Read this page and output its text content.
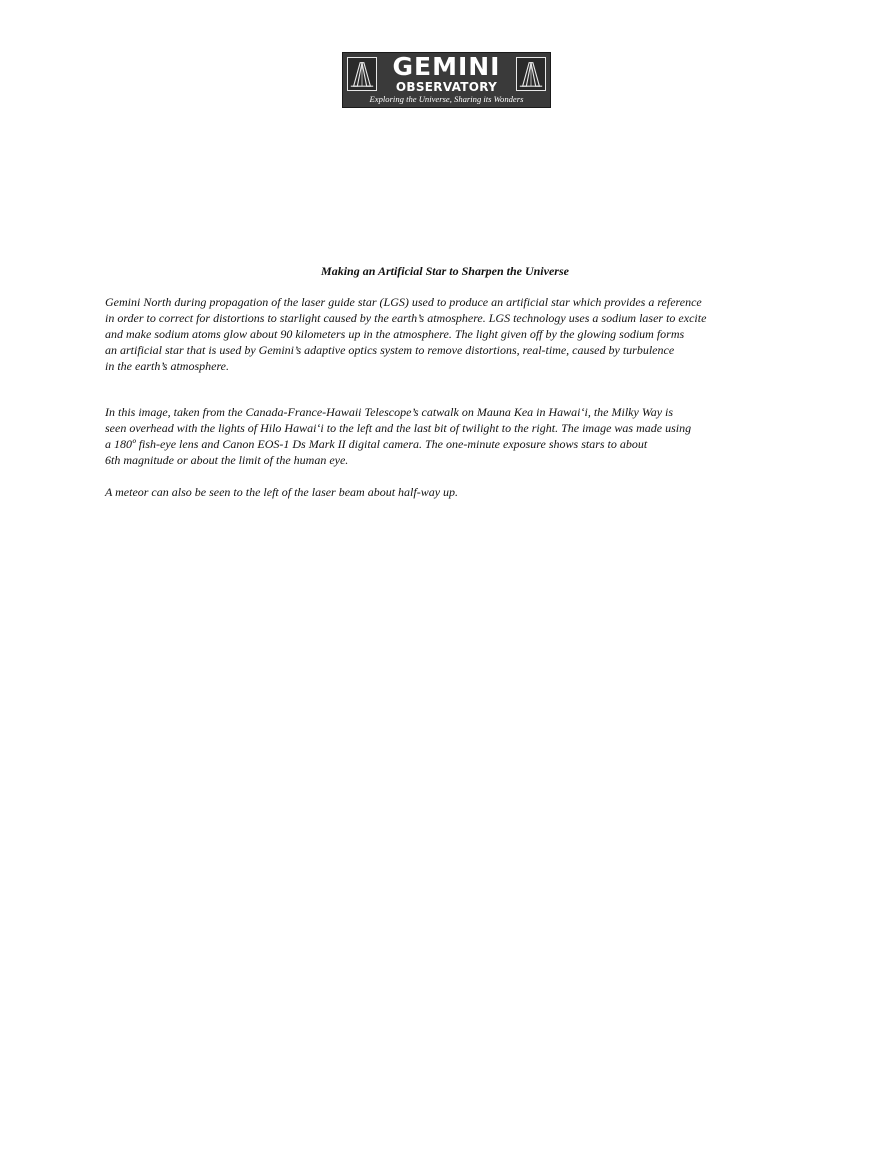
GEMINI
OBSERVATORY
Exploring the Universe, Sharing its Wonders
Making an Artificial Star to Sharpen the Universe

Gemini North during propagation of the laser guide star (LGS) used to produce an artificial star which provides a reference
in order to correct for distortions to starlight caused by the earth’s atmosphere. LGS technology uses a sodium laser to excite
and make sodium atoms glow about 90 kilometers up in the atmosphere. The light given off by the glowing sodium forms
an artificial star that is used by Gemini’s adaptive optics system to remove distortions, real-time, caused by turbulence
in the earth’s atmosphere.

In this image, taken from the Canada-France-Hawaii Telescope’s catwalk on Mauna Kea in Hawai‘i, the Milky Way is
seen overhead with the lights of Hilo Hawai‘i to the left and the last bit of twilight to the right. The image was made using
a 180º fish-eye lens and Canon EOS-1 Ds Mark II digital camera. The one-minute exposure shows stars to about
6th magnitude or about the limit of the human eye.

A meteor can also be seen to the left of the laser beam about half-way up.
